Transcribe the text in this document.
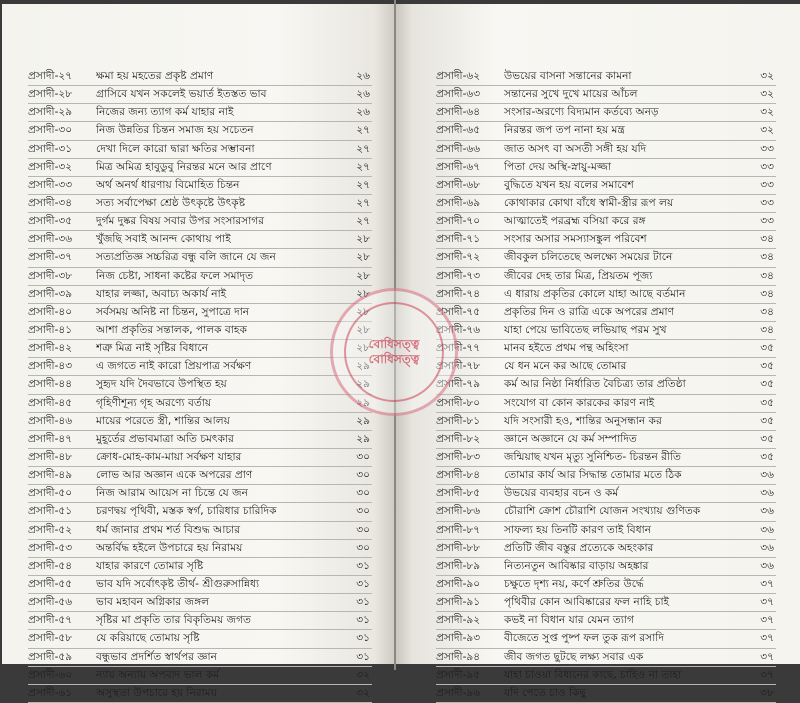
প্রসাদী-২৭	ক্ষমা হয় মহতের প্রকৃষ্ট প্রমাণ	২৬
প্রসাদী-২৮	গ্রাসিবে যখন সকলেই ভয়ার্ত ইতস্তত ভাব	২৬
প্রসাদী-২৯	নিজের জন্য ত্যাগ কর্ম যাহার নাই	২৬
প্রসাদী-৩০	নিজ উন্নতির চিন্তন সমাজ হয় সচেতন	২৭
প্রসাদী-৩১	দেখা দিলে কারো দ্বারা ক্ষতির সম্ভাবনা	২৭
প্রসাদী-৩২	মিত্র অমিত্র হাবুডুবু নিরন্তর মনে আর প্রাণে	২৭
প্রসাদী-৩৩	অর্থ অনর্থ ধারণায় বিমোহিত চিন্তন	২৭
প্রসাদী-৩৪	সত্য সর্বাপেক্ষা শ্রেষ্ঠ উৎকৃষ্টে উৎকৃষ্ট	২৭
প্রসাদী-৩৫	দুর্গম দুষ্কর বিষয় সবার উপর সংসারসাগর	২৭
প্রসাদী-৩৬	খুঁজছি সবাই আনন্দ কোথায় পাই	২৮
প্রসাদী-৩৭	সত্যপ্রতিজ্ঞ সচ্চরিত্র বন্ধু বলি জানে যে জন	২৮
প্রসাদী-৩৮	নিজ চেষ্টা, সাধনা কষ্টের ফলে সমাদৃত	২৮
প্রসাদী-৩৯	যাহার লজ্জা, অবাচ্য অকার্য নাই	২৮
প্রসাদী-৪০	সর্বসময় অনিষ্ট না চিন্তন, সুপাত্রে দান	২৮
প্রসাদী-৪১	আশা প্রকৃতির সন্তালক, পালক বাহক	২৮
প্রসাদী-৪২	শত্রু মিত্র নাই সৃষ্টির বিধানে	২৮
প্রসাদী-৪৩	এ জগতে নাই কারো প্রিয়পাত্র সর্বক্ষণ	২৯
প্রসাদী-৪৪	সুহৃদ যদি দৈবভাবে উপস্থিত হয়	২৯
প্রসাদী-৪৫	গৃহিণীশূন্য গৃহ অরণ্যে বর্তায়	২৯
প্রসাদী-৪৬	মায়ের পরেতে স্ত্রী, শান্তির আলয়	২৯
প্রসাদী-৪৭	মুহূর্তের প্রভাবমাত্রা অতি চমৎকার	২৯
প্রসাদী-৪৮	ক্রোধ-মোহ-কাম-মায়া সর্বক্ষণ যাহার	৩০
প্রসাদী-৪৯	লোভ আর অজ্ঞান একে অপরের প্রাণ	৩০
প্রসাদী-৫০	নিজ আরাম আয়েস না চিন্তে যে জন	৩০
প্রসাদী-৫১	চরণদ্বয় পৃথিবী, মস্তক স্বর্গ, চারিধার চারিদিক	৩০
প্রসাদী-৫২	ধর্ম জানার প্রথম শর্ত বিশুদ্ধ আচার	৩০
প্রসাদী-৫৩	অন্তর্বিদ্ধ হইলে উপচারে হয় নিরাময়	৩০
প্রসাদী-৫৪	যাহার কারণে তোমার সৃষ্টি	৩১
প্রসাদী-৫৫	ভাব যদি সর্বোৎকৃষ্ট তীর্থ- শ্রীগুরুসান্নিধ্য	৩১
প্রসাদী-৫৬	ভাব মহাবন অগ্নিকার জঙ্গল	৩১
প্রসাদী-৫৭	সৃষ্টির মা প্রকৃতি তার বিকৃতিময় জগত	৩১
প্রসাদী-৫৮	যে করিয়াছে তোমায় সৃষ্টি	৩১
প্রসাদী-৫৯	বন্ধুভাব প্রদর্শিত স্বার্থপর জ্ঞান	৩১
প্রসাদী-৬০	ন্যায় অন্যায় অপবাদ ভাল কর্ম	৩২
প্রসাদী-৬১	অসুস্থতা উপচারে হয় নিরাময়	৩২
প্রসাদী-৬২	উভয়ের বাসনা সন্তানের কামনা	৩২
প্রসাদী-৬৩	সন্তানের সুখে দুখে মায়ের আঁচল	৩২
প্রসাদী-৬৪	সংসার-অরণ্যে বিদ্যমান কর্তব্যে অনড়	৩২
প্রসাদী-৬৫	নিরন্তর জপ তপ নানা হয় মন্ত্র	৩২
প্রসাদী-৬৬	জাত অসৎ বা অসতী সঙ্গী হয় যদি	৩৩
প্রসাদী-৬৭	পিতা দেয় অস্থি-স্নায়ু-মজ্জা	৩৩
প্রসাদী-৬৮	বুদ্ধিতে যখন হয় বলের সমাবেশ	৩৩
প্রসাদী-৬৯	কোথাকার কোথা বাঁধে স্বামী-স্ত্রীর রূপ লয়	৩৩
প্রসাদী-৭০	আত্মাতেই পরব্রহ্ম বসিয়া করে রঙ্গ	৩৩
প্রসাদী-৭১	সংসার অসার সমস্যাসঙ্কুল পরিবেশ	৩৪
প্রসাদী-৭২	জীবকুল চলিতেছে অলক্ষ্যে সময়ের টানে	৩৪
প্রসাদী-৭৩	জীবের দেহ তার মিত্র, প্রিয়তম পূজ্য	৩৪
প্রসাদী-৭৪	এ ধারায় প্রকৃতির কোলে যাহা আছে বর্তমান	৩৪
প্রসাদী-৭৫	প্রকৃতির দিন ও রাত্রি একে অপরের প্রমাণ	৩৪
প্রসাদী-৭৬	যাহা পেয়ে ভাবিতেছ লভিয়াছ পরম সুখ	৩৪
প্রসাদী-৭৭	মানব হইতে প্রথম পন্থ অহিংসা	৩৫
প্রসাদী-৭৮	যে ধন মনে কর আছে তোমার	৩৫
প্রসাদী-৭৯	কর্ম আর নিষ্ঠা নির্ধারিত বৈচিত্র্য তার প্রতিষ্ঠা	৩৫
প্রসাদী-৮০	সংযোগ বা কোন কারকের কারণ নাই	৩৫
প্রসাদী-৮১	যদি সংসারী হও, শান্তির অনুসন্ধান কর	৩৫
প্রসাদী-৮২	জ্ঞানে অজ্ঞানে যে কর্ম সম্পাদিত	৩৫
প্রসাদী-৮৩	জন্মিয়াছ যখন মৃত্যু সুনিশ্চিত- চিরন্তন রীতি	৩৫
প্রসাদী-৮৪	তোমার কার্য আর সিদ্ধান্ত তোমার মতে ঠিক	৩৬
প্রসাদী-৮৫	উভয়ের ব্যবহার বচন ও কর্ম	৩৬
প্রসাদী-৮৬	চৌরাশি ক্রোশ চৌরাশি যোজন সংখ্যায় গুণিতক	৩৬
প্রসাদী-৮৭	সাফল্য হয় তিনটি কারণ তাই বিধান	৩৬
প্রসাদী-৮৮	প্রতিটি জীব বস্তুর প্রত্যেকে অহংকার	৩৬
প্রসাদী-৮৯	নিত্যনতুন আবিষ্কার বাড়ায় অহঙ্কার	৩৬
প্রসাদী-৯০	চক্ষুতে দৃশ্য নয়, কর্ণে শ্রুতির উর্দ্ধে	৩৭
প্রসাদী-৯১	পৃথিবীর কোন আবিষ্কারের ফল নাহি চাই	৩৭
প্রসাদী-৯২	কভই না বিধান যার যেমন ত্যাগ	৩৭
প্রসাদী-৯৩	বীজেতে সুপ্ত পুষ্প ফল তুক রূপ রসাদি	৩৭
প্রসাদী-৯৪	জীব জগত ছুটছে লক্ষ্য সবার এক	৩৭
প্রসাদী-৯৫	যাহা চাওয়া বিধানের কাছে, চাহিও না তাহা	৩৭
প্রসাদী-৯৬	যদি পেতে চাও কিছু	৩৮
বোধিসত্ত্ব
বোধিসত্ত্ব
